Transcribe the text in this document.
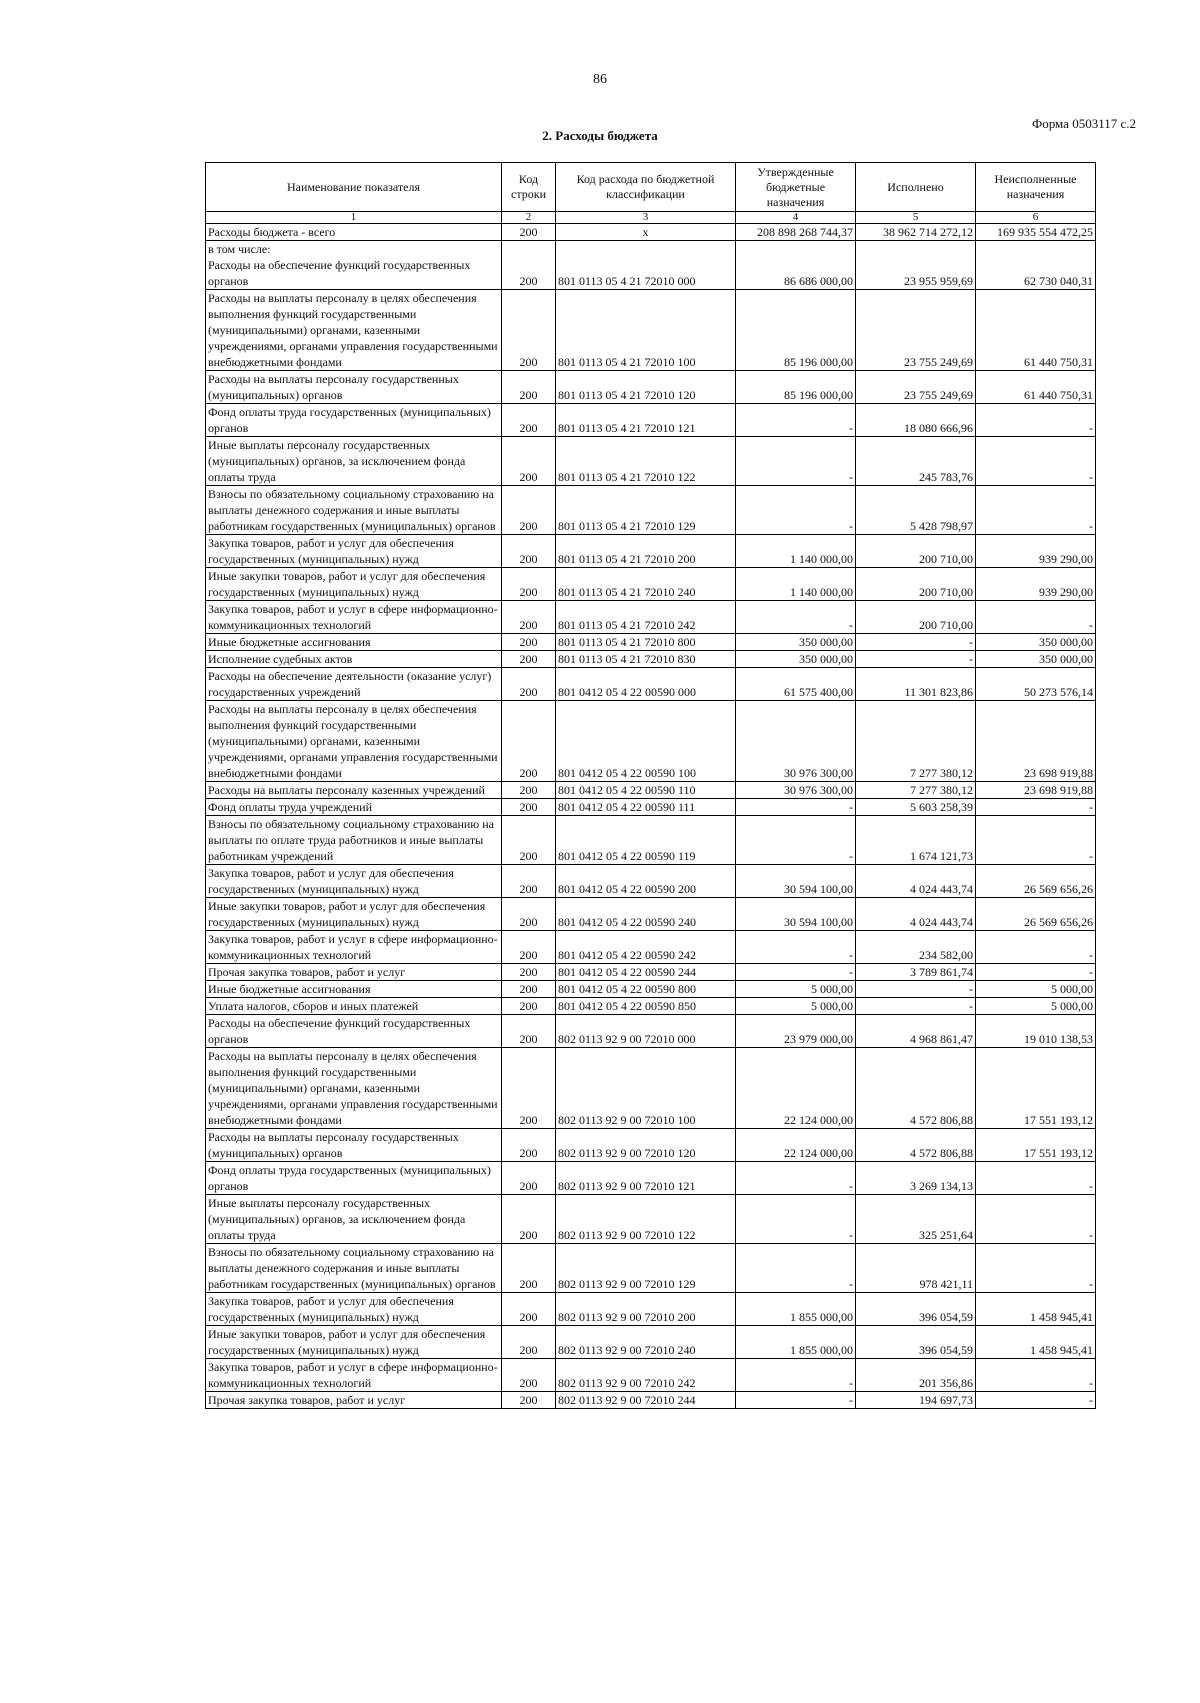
86
Форма 0503117 с.2
2. Расходы бюджета
Наименование показателя	Код строки	Код расхода по бюджетной классификации	Утвержденные бюджетные назначения	Исполнено	Неисполненные назначения
1	2	3	4	5	6
Расходы бюджета - всего	200	x	208 898 268 744,37	38 962 714 272,12	169 935 554 472,25
в том числе:
Расходы на обеспечение функций государственных органов	200	801 0113 05 4 21 72010 000	86 686 000,00	23 955 959,69	62 730 040,31
Расходы на выплаты персоналу в целях обеспечения выполнения функций государственными (муниципальными) органами, казенными учреждениями, органами управления государственными внебюджетными фондами	200	801 0113 05 4 21 72010 100	85 196 000,00	23 755 249,69	61 440 750,31
Расходы на выплаты персоналу государственных (муниципальных) органов	200	801 0113 05 4 21 72010 120	85 196 000,00	23 755 249,69	61 440 750,31
Фонд оплаты труда государственных (муниципальных) органов	200	801 0113 05 4 21 72010 121	-	18 080 666,96	-
Иные выплаты персоналу государственных (муниципальных) органов, за исключением фонда оплаты труда	200	801 0113 05 4 21 72010 122	-	245 783,76	-
Взносы по обязательному социальному страхованию на выплаты денежного содержания и иные выплаты работникам государственных (муниципальных) органов	200	801 0113 05 4 21 72010 129	-	5 428 798,97	-
Закупка товаров, работ и услуг для обеспечения государственных (муниципальных) нужд	200	801 0113 05 4 21 72010 200	1 140 000,00	200 710,00	939 290,00
Иные закупки товаров, работ и услуг для обеспечения государственных (муниципальных) нужд	200	801 0113 05 4 21 72010 240	1 140 000,00	200 710,00	939 290,00
Закупка товаров, работ и услуг в сфере информационно-коммуникационных технологий	200	801 0113 05 4 21 72010 242	-	200 710,00	-
Иные бюджетные ассигнования	200	801 0113 05 4 21 72010 800	350 000,00	-	350 000,00
Исполнение судебных актов	200	801 0113 05 4 21 72010 830	350 000,00	-	350 000,00
Расходы на обеспечение деятельности (оказание услуг) государственных учреждений	200	801 0412 05 4 22 00590 000	61 575 400,00	11 301 823,86	50 273 576,14
Расходы на выплаты персоналу в целях обеспечения выполнения функций государственными (муниципальными) органами, казенными учреждениями, органами управления государственными внебюджетными фондами	200	801 0412 05 4 22 00590 100	30 976 300,00	7 277 380,12	23 698 919,88
Расходы на выплаты персоналу казенных учреждений	200	801 0412 05 4 22 00590 110	30 976 300,00	7 277 380,12	23 698 919,88
Фонд оплаты труда учреждений	200	801 0412 05 4 22 00590 111	-	5 603 258,39	-
Взносы по обязательному социальному страхованию на выплаты по оплате труда работников и иные выплаты работникам учреждений	200	801 0412 05 4 22 00590 119	-	1 674 121,73	-
Закупка товаров, работ и услуг для обеспечения государственных (муниципальных) нужд	200	801 0412 05 4 22 00590 200	30 594 100,00	4 024 443,74	26 569 656,26
Иные закупки товаров, работ и услуг для обеспечения государственных (муниципальных) нужд	200	801 0412 05 4 22 00590 240	30 594 100,00	4 024 443,74	26 569 656,26
Закупка товаров, работ и услуг в сфере информационно-коммуникационных технологий	200	801 0412 05 4 22 00590 242	-	234 582,00	-
Прочая закупка товаров, работ и услуг	200	801 0412 05 4 22 00590 244	-	3 789 861,74	-
Иные бюджетные ассигнования	200	801 0412 05 4 22 00590 800	5 000,00	-	5 000,00
Уплата налогов, сборов и иных платежей	200	801 0412 05 4 22 00590 850	5 000,00	-	5 000,00
Расходы на обеспечение функций государственных органов	200	802 0113 92 9 00 72010 000	23 979 000,00	4 968 861,47	19 010 138,53
Расходы на выплаты персоналу в целях обеспечения выполнения функций государственными (муниципальными) органами, казенными учреждениями, органами управления государственными внебюджетными фондами	200	802 0113 92 9 00 72010 100	22 124 000,00	4 572 806,88	17 551 193,12
Расходы на выплаты персоналу государственных (муниципальных) органов	200	802 0113 92 9 00 72010 120	22 124 000,00	4 572 806,88	17 551 193,12
Фонд оплаты труда государственных (муниципальных) органов	200	802 0113 92 9 00 72010 121	-	3 269 134,13	-
Иные выплаты персоналу государственных (муниципальных) органов, за исключением фонда оплаты труда	200	802 0113 92 9 00 72010 122	-	325 251,64	-
Взносы по обязательному социальному страхованию на выплаты денежного содержания и иные выплаты работникам государственных (муниципальных) органов	200	802 0113 92 9 00 72010 129	-	978 421,11	-
Закупка товаров, работ и услуг для обеспечения государственных (муниципальных) нужд	200	802 0113 92 9 00 72010 200	1 855 000,00	396 054,59	1 458 945,41
Иные закупки товаров, работ и услуг для обеспечения государственных (муниципальных) нужд	200	802 0113 92 9 00 72010 240	1 855 000,00	396 054,59	1 458 945,41
Закупка товаров, работ и услуг в сфере информационно-коммуникационных технологий	200	802 0113 92 9 00 72010 242	-	201 356,86	-
Прочая закупка товаров, работ и услуг	200	802 0113 92 9 00 72010 244	-	194 697,73	-
